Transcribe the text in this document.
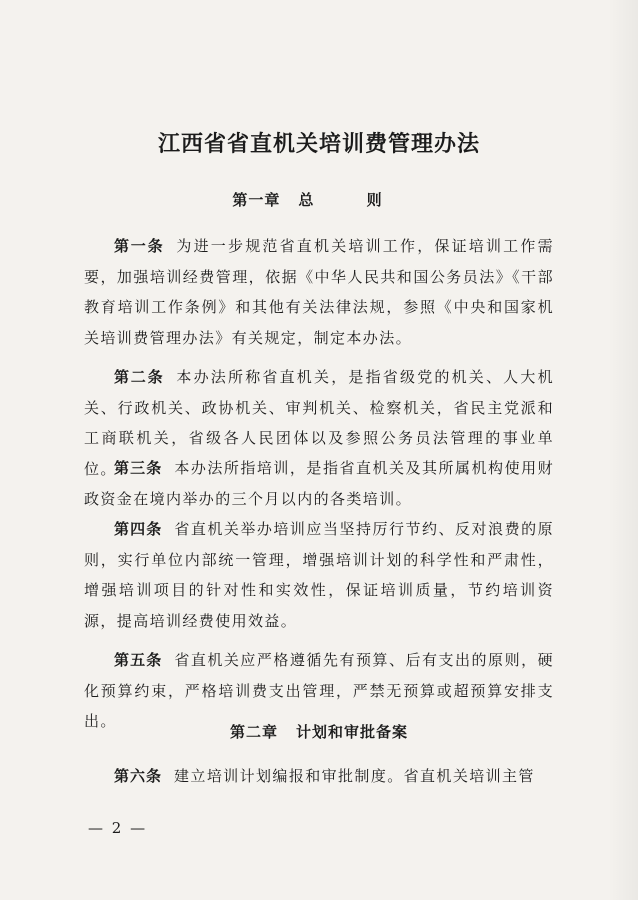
江西省省直机关培训费管理办法
第一章 总 则

第一条 为进一步规范省直机关培训工作，保证培训工作需要，加强培训经费管理，依据《中华人民共和国公务员法》《干部教育培训工作条例》和其他有关法律法规，参照《中央和国家机关培训费管理办法》有关规定，制定本办法。

第二条 本办法所称省直机关，是指省级党的机关、人大机关、行政机关、政协机关、审判机关、检察机关，省民主党派和工商联机关，省级各人民团体以及参照公务员法管理的事业单位。

第三条 本办法所指培训，是指省直机关及其所属机构使用财政资金在境内举办的三个月以内的各类培训。

第四条 省直机关举办培训应当坚持厉行节约、反对浪费的原则，实行单位内部统一管理，增强培训计划的科学性和严肃性，增强培训项目的针对性和实效性，保证培训质量，节约培训资源，提高培训经费使用效益。

第五条 省直机关应严格遵循先有预算、后有支出的原则，硬化预算约束，严格培训费支出管理，严禁无预算或超预算安排支出。

第二章 计划和审批备案

第六条 建立培训计划编报和审批制度。省直机关培训主管

— 2 —
